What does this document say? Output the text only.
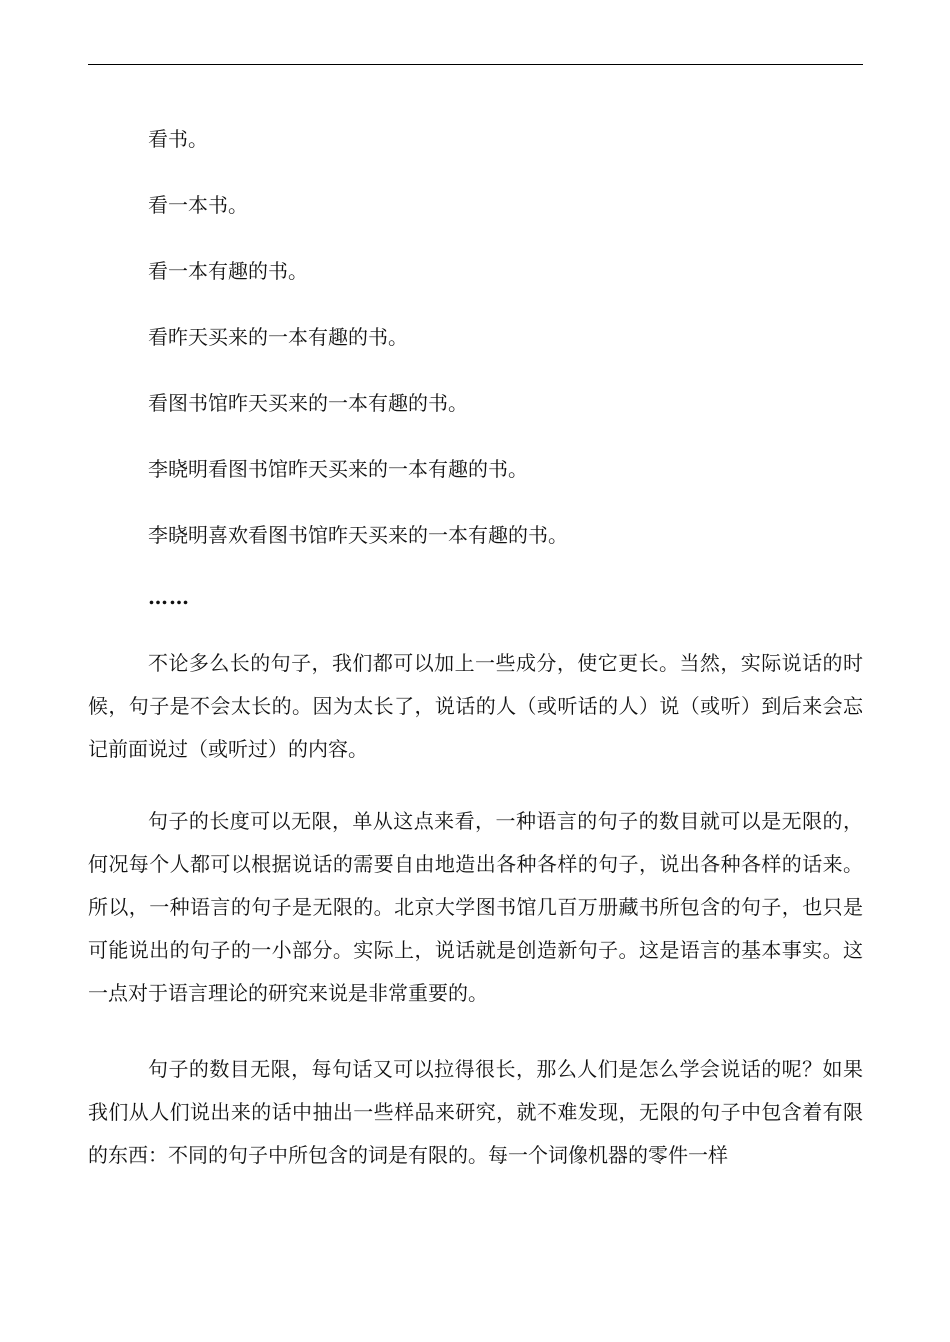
看书。
看一本书。
看一本有趣的书。
看昨天买来的一本有趣的书。
看图书馆昨天买来的一本有趣的书。
李晓明看图书馆昨天买来的一本有趣的书。
李晓明喜欢看图书馆昨天买来的一本有趣的书。
……

不论多么长的句子，我们都可以加上一些成分，使它更长。当然，实际说话的时候，句子是不会太长的。因为太长了，说话的人（或听话的人）说（或听）到后来会忘记前面说过（或听过）的内容。

句子的长度可以无限，单从这点来看，一种语言的句子的数目就可以是无限的，何况每个人都可以根据说话的需要自由地造出各种各样的句子，说出各种各样的话来。所以，一种语言的句子是无限的。北京大学图书馆几百万册藏书所包含的句子，也只是可能说出的句子的一小部分。实际上，说话就是创造新句子。这是语言的基本事实。这一点对于语言理论的研究来说是非常重要的。

句子的数目无限，每句话又可以拉得很长，那么人们是怎么学会说话的呢？如果我们从人们说出来的话中抽出一些样品来研究，就不难发现，无限的句子中包含着有限的东西：不同的句子中所包含的词是有限的。每一个词像机器的零件一样
